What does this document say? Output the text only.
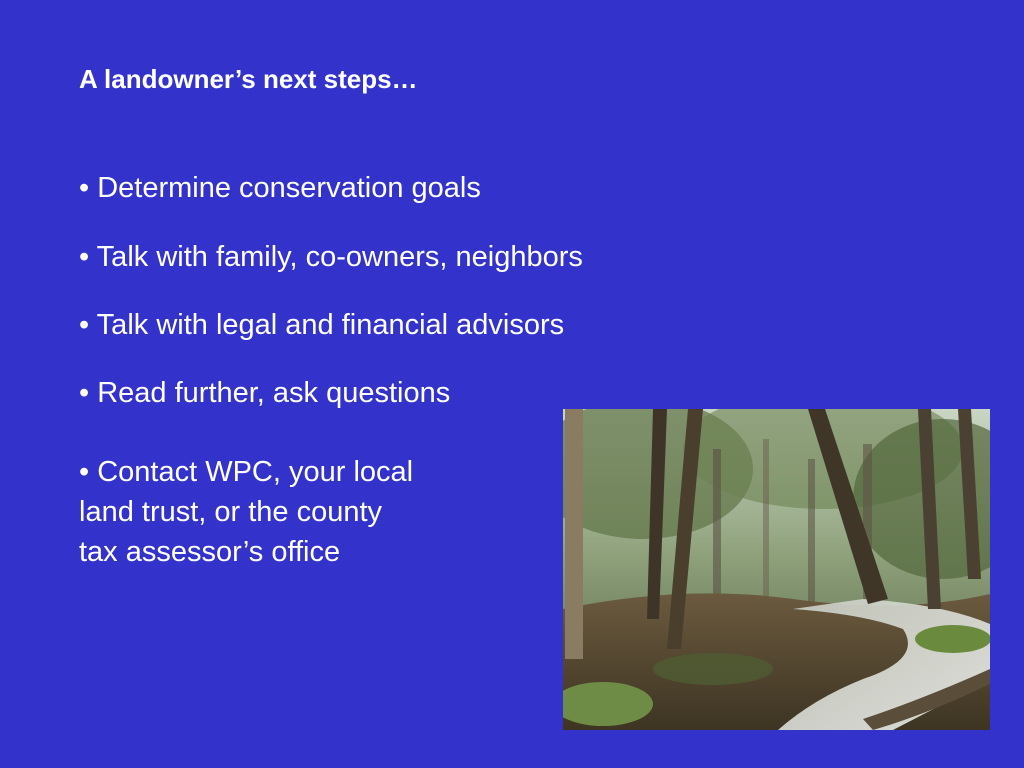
A landowner’s next steps…
• Determine conservation goals
• Talk with family, co-owners, neighbors
• Talk with legal and financial advisors
• Read further, ask questions
• Contact WPC, your local
land trust, or the county
tax assessor’s office
